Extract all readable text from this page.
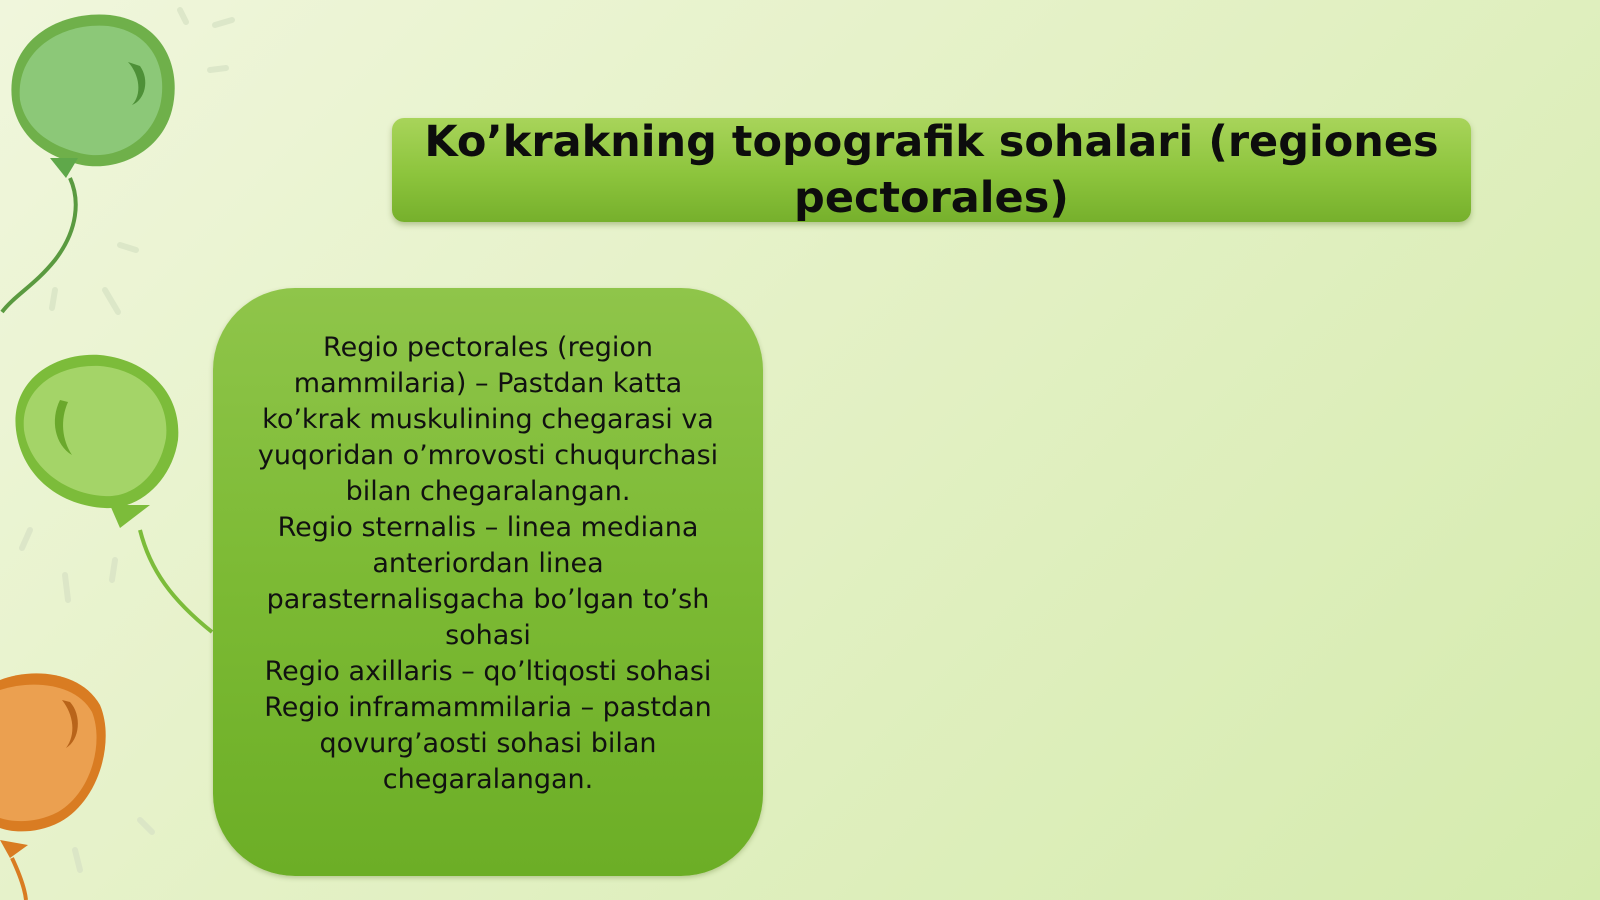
Ko’krakning topografik sohalari (regiones pectorales)
Regio pectorales (region mammilaria) – Pastdan katta ko’krak muskulining chegarasi va yuqoridan o’mrovosti chuqurchasi bilan chegaralangan.
Regio sternalis – linea mediana anteriordan linea parasternalisgacha bo’lgan to’sh sohasi
Regio axillaris – qo’ltiqosti sohasi
Regio inframammilaria – pastdan qovurg’aosti sohasi bilan chegaralangan.
